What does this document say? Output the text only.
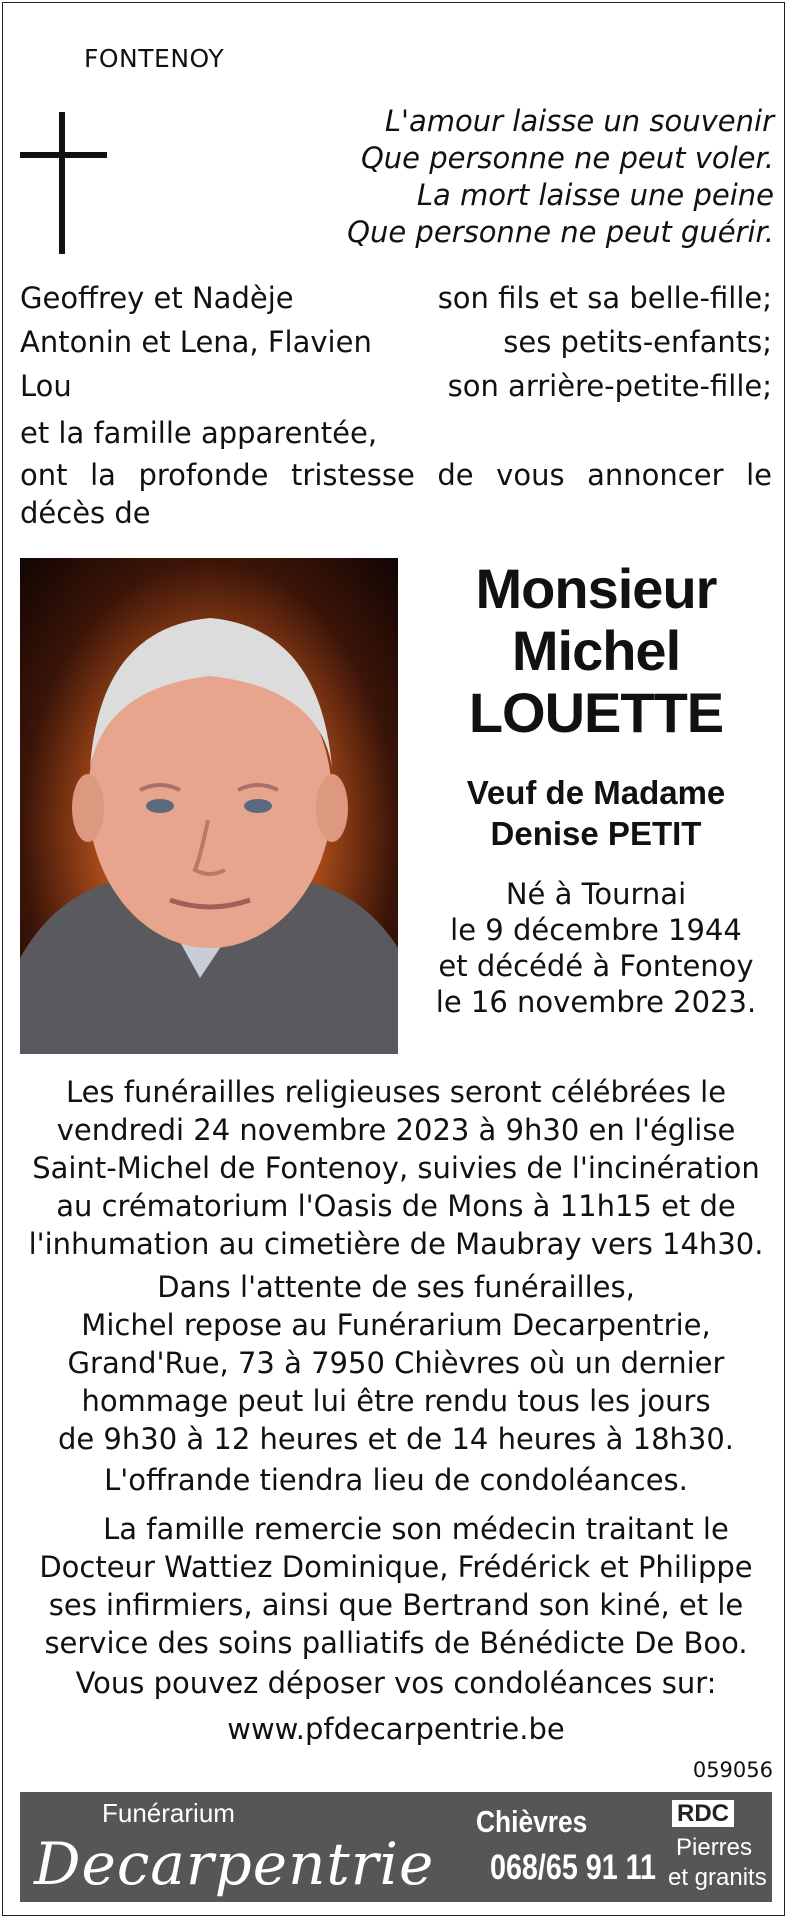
FONTENOY
L'amour laisse un souvenir
Que personne ne peut voler.
La mort laisse une peine
Que personne ne peut guérir.
Geoffrey et Nadèje	son fils et sa belle-fille;
Antonin et Lena, Flavien	ses petits-enfants;
Lou	son arrière-petite-fille;
et la famille apparentée,
ont la profonde tristesse de vous annoncer le décès de
Monsieur
Michel
LOUETTE
Veuf de Madame
Denise PETIT
Né à Tournai
le 9 décembre 1944
et décédé à Fontenoy
le 16 novembre 2023.
Les funérailles religieuses seront célébrées le
vendredi 24 novembre 2023 à 9h30 en l'église
Saint-Michel de Fontenoy, suivies de l'incinération
au crématorium l'Oasis de Mons à 11h15 et de
l'inhumation au cimetière de Maubray vers 14h30.
Dans l'attente de ses funérailles,
Michel repose au Funérarium Decarpentrie,
Grand'Rue, 73 à 7950 Chièvres où un dernier
hommage peut lui être rendu tous les jours
de 9h30 à 12 heures et de 14 heures à 18h30.
L'offrande tiendra lieu de condoléances.
La famille remercie son médecin traitant le
Docteur Wattiez Dominique, Frédérick et Philippe
ses infirmiers, ainsi que Bertrand son kiné, et le
service des soins palliatifs de Bénédicte De Boo.
Vous pouvez déposer vos condoléances sur:
www.pfdecarpentrie.be
059056
Funérarium
Decarpentrie
Chièvres
068/65 91 11
RDC
Pierres
et granits
